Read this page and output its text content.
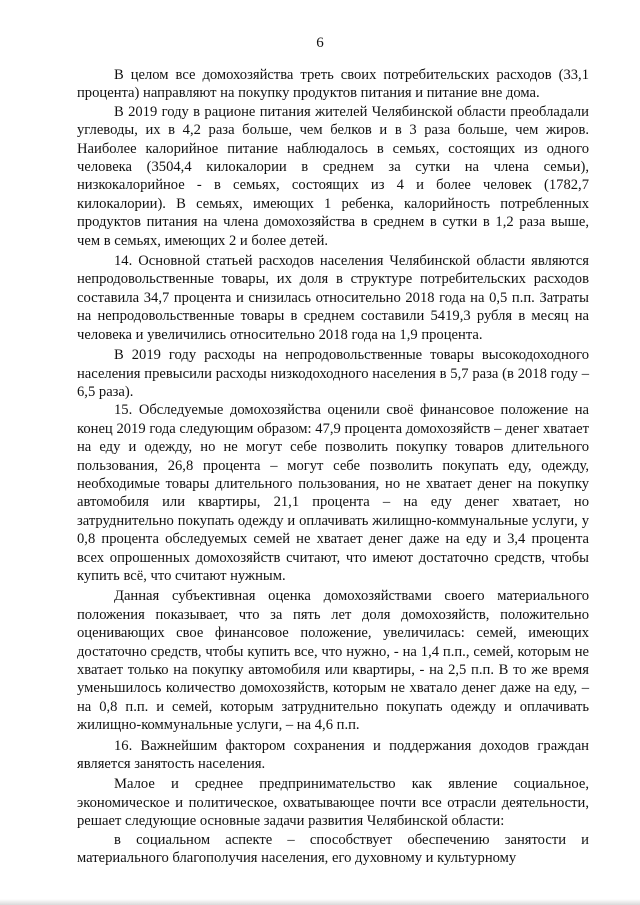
6

В целом все домохозяйства треть своих потребительских расходов (33,1 процента) направляют на покупку продуктов питания и питание вне дома.

В 2019 году в рационе питания жителей Челябинской области преобладали углеводы, их в 4,2 раза больше, чем белков и в 3 раза больше, чем жиров. Наиболее калорийное питание наблюдалось в семьях, состоящих из одного человека (3504,4 килокалории в среднем за сутки на члена семьи), низкокалорийное - в семьях, состоящих из 4 и более человек (1782,7 килокалории). В семьях, имеющих 1 ребенка, калорийность потребленных продуктов питания на члена домохозяйства в среднем в сутки в 1,2 раза выше, чем в семьях, имеющих 2 и более детей.

14. Основной статьей расходов населения Челябинской области являются непродовольственные товары, их доля в структуре потребительских расходов составила 34,7 процента и снизилась относительно 2018 года на 0,5 п.п. Затраты на непродовольственные товары в среднем составили 5419,3 рубля в месяц на человека и увеличились относительно 2018 года на 1,9 процента.

В 2019 году расходы на непродовольственные товары высокодоходного населения превысили расходы низкодоходного населения в 5,7 раза (в 2018 году – 6,5 раза).

15. Обследуемые домохозяйства оценили своё финансовое положение на конец 2019 года следующим образом: 47,9 процента домохозяйств – денег хватает на еду и одежду, но не могут себе позволить покупку товаров длительного пользования, 26,8 процента – могут себе позволить покупать еду, одежду, необходимые товары длительного пользования, но не хватает денег на покупку автомобиля или квартиры, 21,1 процента – на еду денег хватает, но затруднительно покупать одежду и оплачивать жилищно-коммунальные услуги, у 0,8 процента обследуемых семей не хватает денег даже на еду и 3,4 процента всех опрошенных домохозяйств считают, что имеют достаточно средств, чтобы купить всё, что считают нужным.

Данная субъективная оценка домохозяйствами своего материального положения показывает, что за пять лет доля домохозяйств, положительно оценивающих свое финансовое положение, увеличилась: семей, имеющих достаточно средств, чтобы купить все, что нужно, - на 1,4 п.п., семей, которым не хватает только на покупку автомобиля или квартиры, - на 2,5 п.п. В то же время уменьшилось количество домохозяйств, которым не хватало денег даже на еду, – на 0,8 п.п. и семей, которым затруднительно покупать одежду и оплачивать жилищно-коммунальные услуги, – на 4,6 п.п.

16. Важнейшим фактором сохранения и поддержания доходов граждан является занятость населения.

Малое и среднее предпринимательство как явление социальное, экономическое и политическое, охватывающее почти все отрасли деятельности, решает следующие основные задачи развития Челябинской области:

в социальном аспекте – способствует обеспечению занятости и материального благополучия населения, его духовному и культурному
